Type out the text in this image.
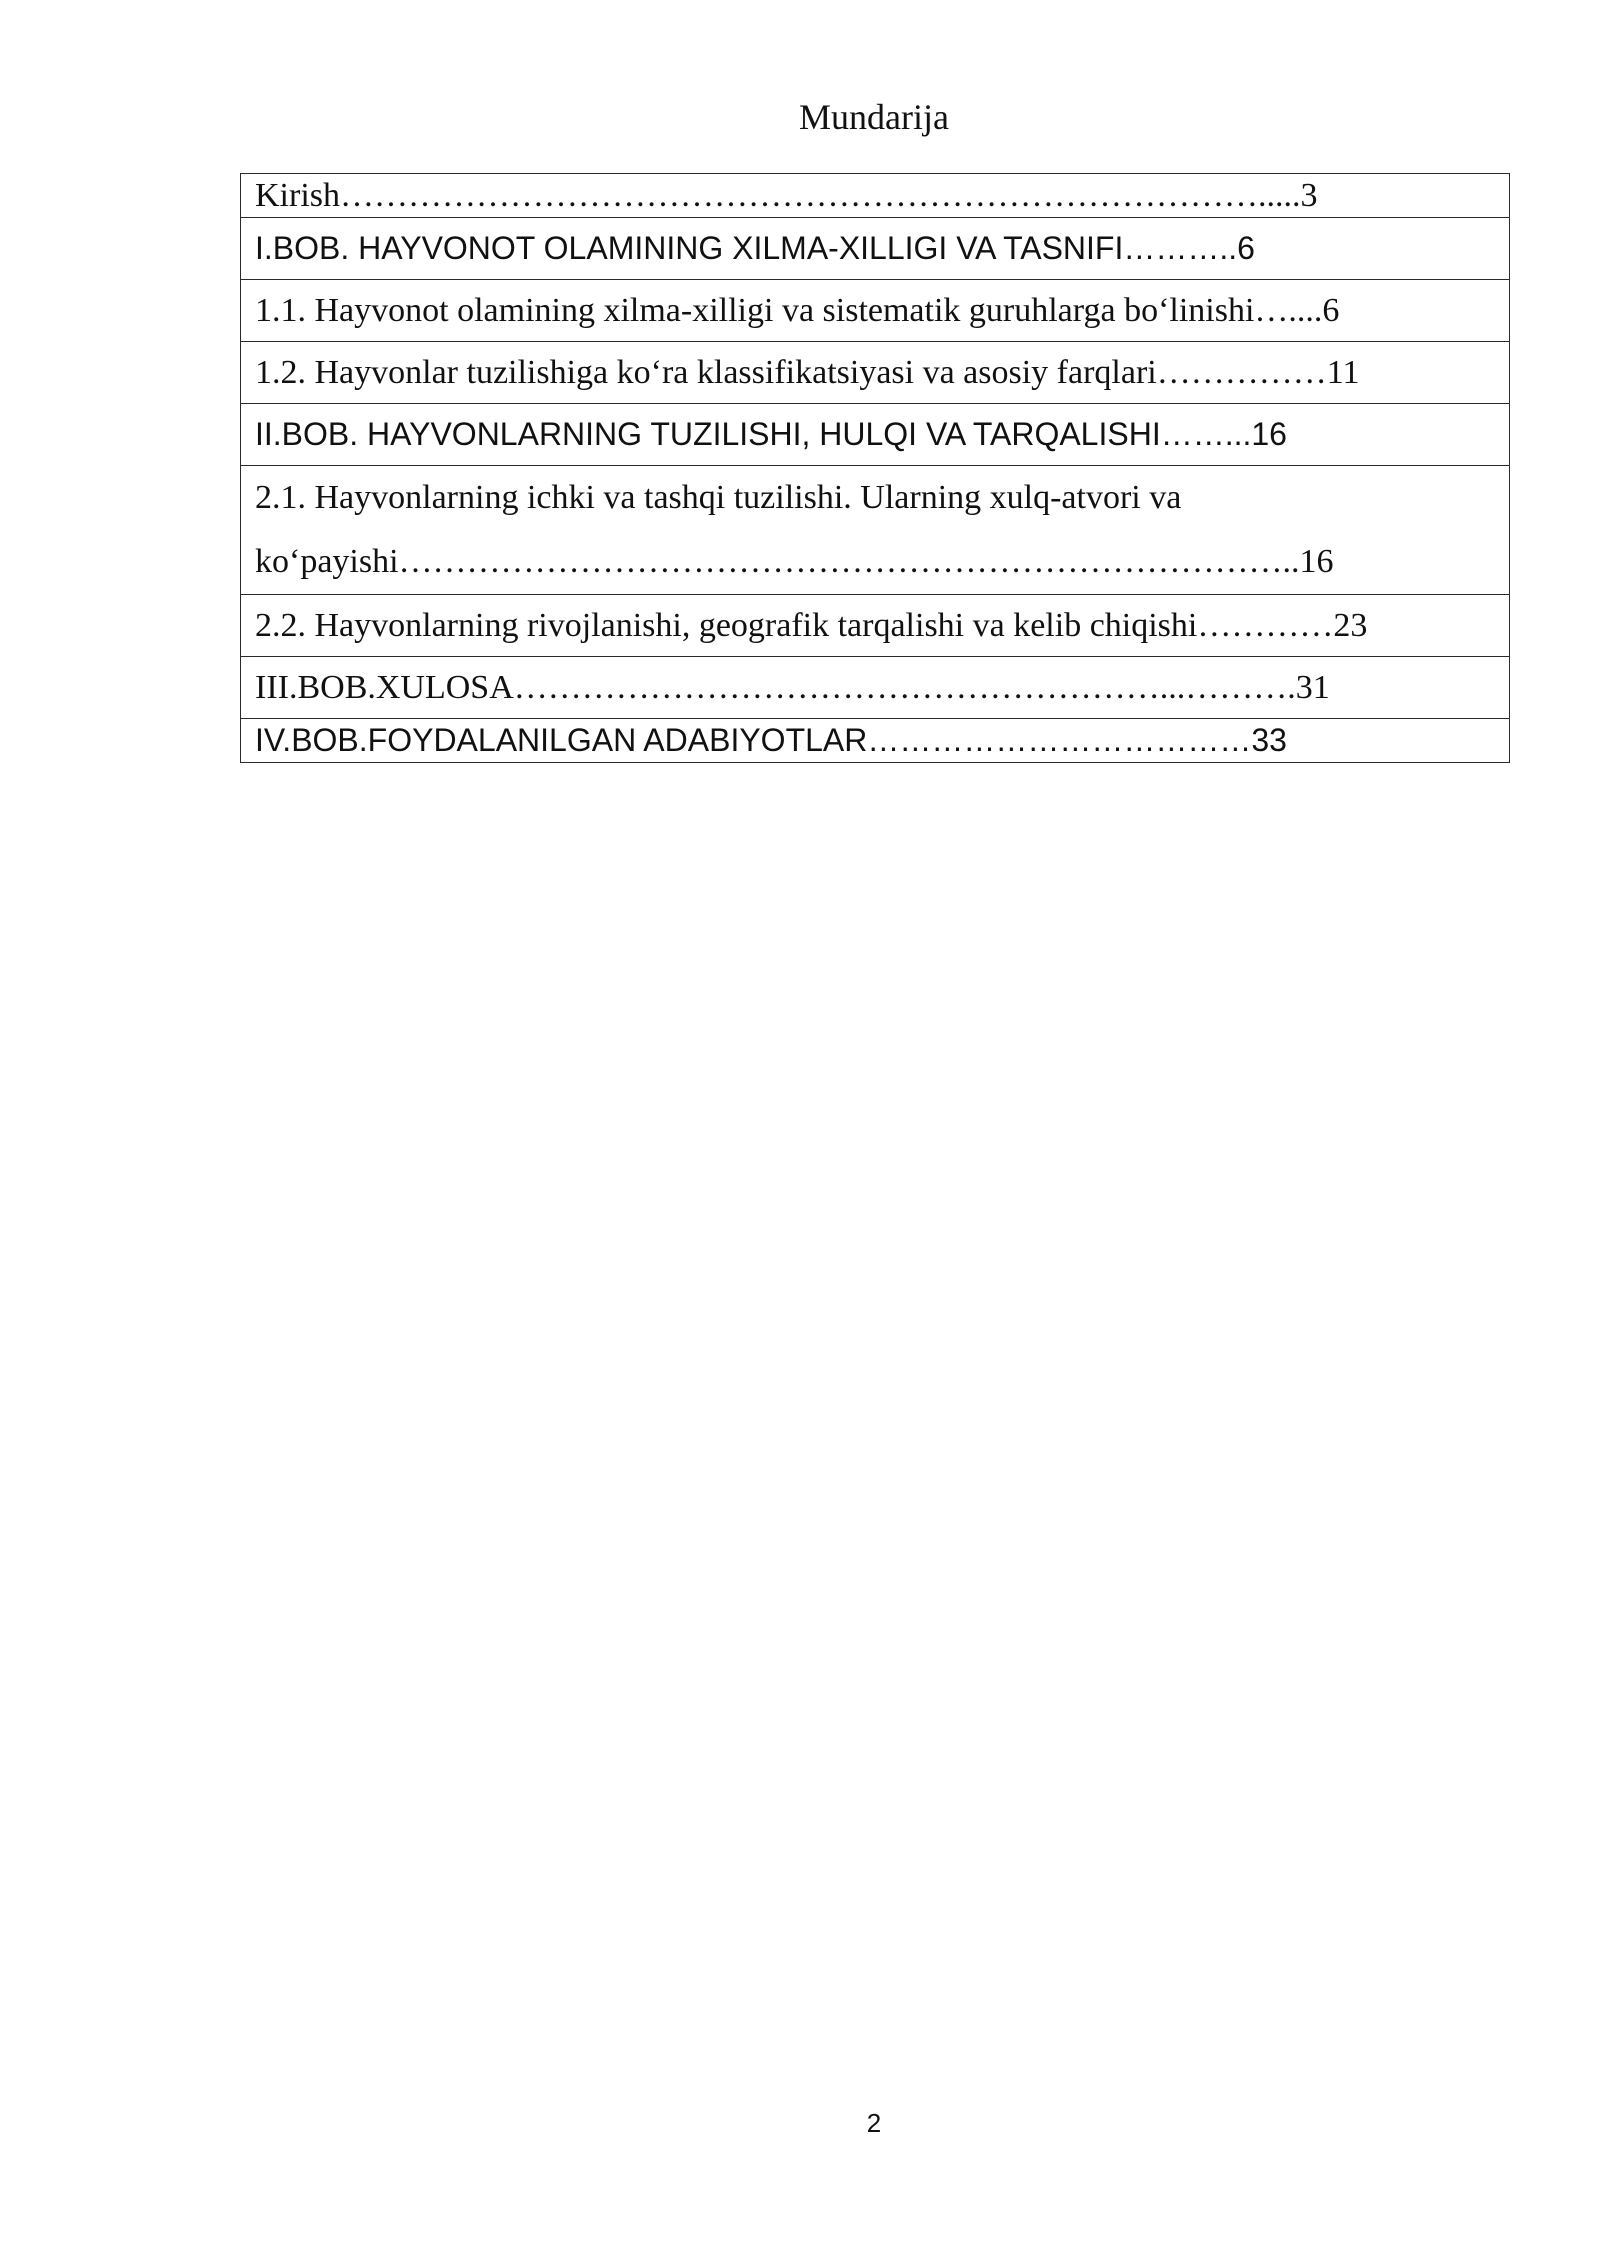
Mundarija
Kirish……………………………………………………………………….....3
I.BOB. HAYVONOT OLAMINING XILMA-XILLIGI VA TASNIFI………..6
1.1. Hayvonot olamining xilma-xilligi va sistematik guruhlarga bo‘linishi…....6
1.2. Hayvonlar tuzilishiga ko‘ra klassifikatsiyasi va asosiy farqlari……………11
II.BOB. HAYVONLARNING TUZILISHI, HULQI VA TARQALISHI……...16

2.1. Hayvonlarning ichki va tashqi tuzilishi. Ularning xulq-atvori va
ko‘payishi……………………………………………………………………..16

2.2. Hayvonlarning rivojlanishi, geografik tarqalishi va kelib chiqishi…………23
III.BOB.XULOSA…………………………………………………...……….31
IV.BOB.FOYDALANILGAN ADABIYOTLAR………………………………33
2
